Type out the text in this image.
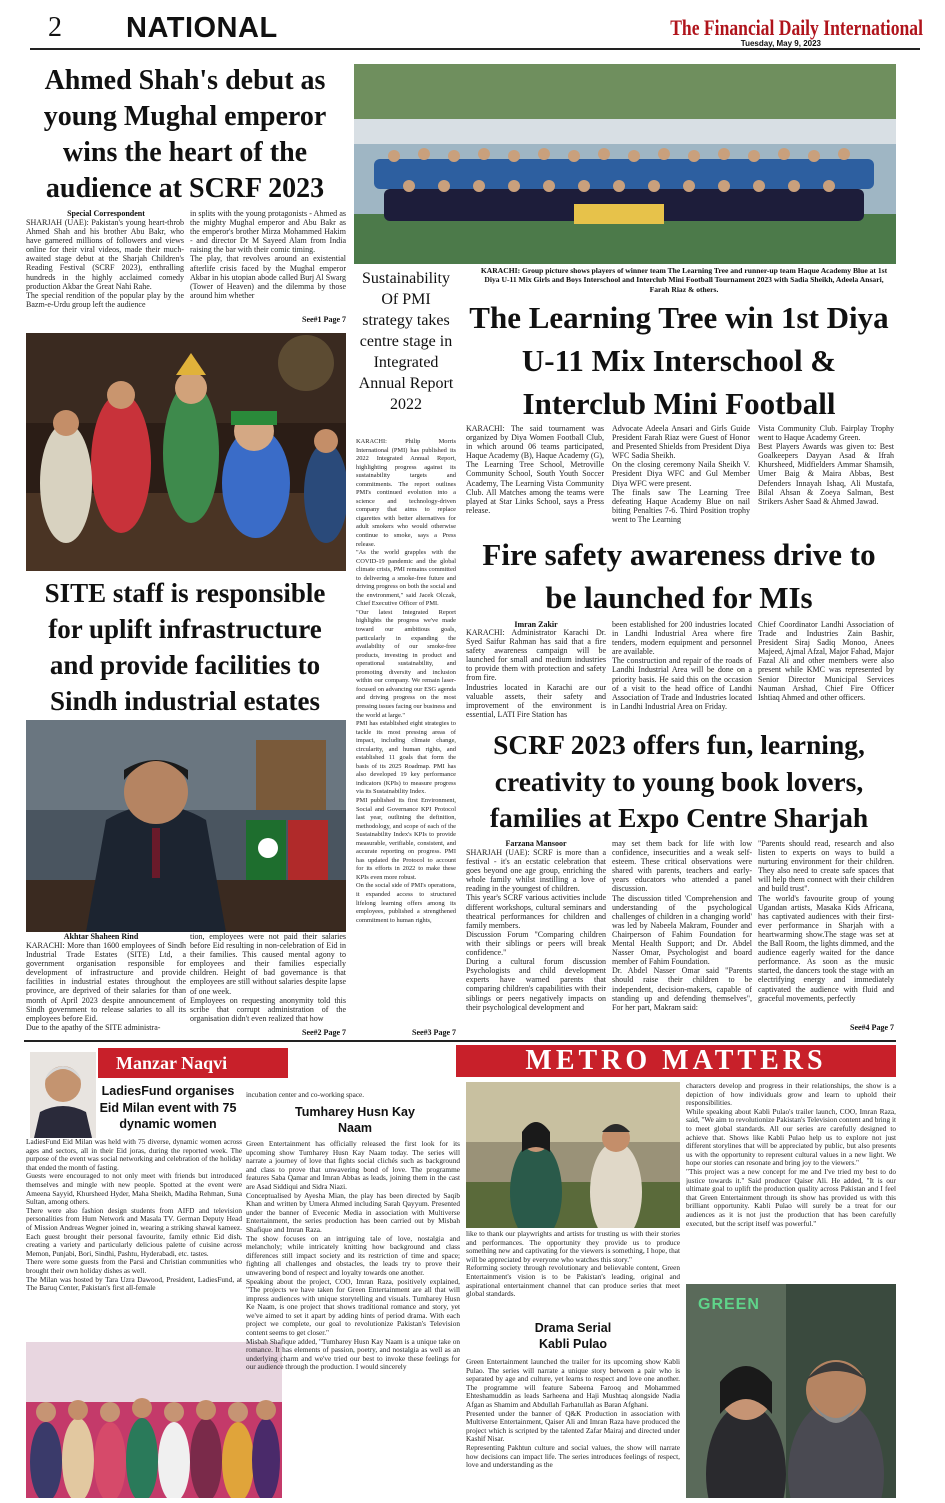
2 NATIONAL	The Financial Daily International
Tuesday, May 9, 2023
Ahmed Shah's debut as young Mughal emperor wins the heart of the audience at SCRF 2023
Special Correspondent
SHARJAH (UAE): Pakistan's young heart-throb Ahmed Shah and his brother Abu Bakr, who have garnered millions of followers and views online for their viral videos, made their much-awaited stage debut at the Sharjah Children's Reading Festival (SCRF 2023), enthralling hundreds in the highly acclaimed comedy production Akbar the Great Nahi Rahe.
The special rendition of the popular play by the Bazm-e-Urdu group left the audience
in splits with the young protagonists - Ahmed as the mighty Mughal emperor and Abu Bakr as the emperor's brother Mirza Mohammed Hakim - and director Dr M Sayeed Alam from India raising the bar with their comic timing.
The play, that revolves around an existential afterlife crisis faced by the Mughal emperor Akbar in his utopian abode called Burj Al Swarg (Tower of Heaven) and the dilemma by those around him whether
See#1 Page 7
KARACHI: Group picture shows players of winner team The Learning Tree and runner-up team Haque Academy Blue at 1st Diya U-11 Mix Girls and Boys Interschool and Interclub Mini Football Tournament 2023 with Sadia Sheikh, Adeela Ansari, Farah Riaz & others.
Sustainability Of PMI strategy takes centre stage in Integrated Annual Report 2022
KARACHI: Philip Morris International (PMI) has published its 2022 Integrated Annual Report, highlighting progress against its sustainability targets and commitments. The report outlines PMI's continued evolution into a science and technology-driven company that aims to replace cigarettes with better alternatives for adult smokers who would otherwise continue to smoke, says a Press release.
"As the world grapples with the COVID-19 pandemic and the global climate crisis, PMI remains committed to delivering a smoke-free future and driving progress on both the social and the environment," said Jacek Olczak, Chief Executive Officer of PMI.
"Our latest Integrated Report highlights the progress we've made toward our ambitious goals, particularly in expanding the availability of our smoke-free products, investing in product and operational sustainability, and promoting diversity and inclusion within our company. We remain laser-focused on advancing our ESG agenda and driving progress on the most pressing issues facing our business and the world at large."
PMI has established eight strategies to tackle its most pressing areas of impact, including climate change, circularity, and human rights, and established 11 goals that form the basis of its 2025 Roadmap. PMI has also developed 19 key performance indicators (KPIs) to measure progress via its Sustainability Index.
PMI published its first Environment, Social and Governance KPI Protocol last year, outlining the definition, methodology, and scope of each of the Sustainability Index's KPIs to provide measurable, verifiable, consistent, and accurate reporting on progress. PMI has updated the Protocol to account for its efforts in 2022 to make these KPIs even more robust.
On the social side of PMI's operations, it expanded access to structured lifelong learning offers among its employees, published a strengthened commitment to human rights,
See#3 Page 7
The Learning Tree win 1st Diya U-11 Mix Interschool & Interclub Mini Football
KARACHI: The said tournament was organized by Diya Women Football Club, in which around 06 teams participated, Haque Academy (B), Haque Academy (G), The Learning Tree School, Metroville Community School, South Youth Soccer Academy, The Learning Vista Community Club. All Matches among the teams were played at Star Links School, says a Press release.
Advocate Adeela Ansari and Girls Guide President Farah Riaz were Guest of Honor and Presented Shields from President Diya WFC Sadia Sheikh.
On the closing ceremony Naila Sheikh V. President Diya WFC and Gul Member Diya WFC were present.
The finals saw The Learning Tree defeating Haque Academy Blue on nail biting Penalties 7-6. Third Position trophy went to The Learning
Vista Community Club. Fairplay Trophy went to Haque Academy Green.
Best Players Awards was given to: Best Goalkeepers Dayyan Asad & Ifrah Khursheed, Midfielders Ammar Shamsih, Umer Baig & Maira Abbas, Best Defenders Innayah Ishaq, Ali Mustafa, Bilal Ahsan & Zoeya Salman, Best Strikers Asher Saad & Ahmed Jawad.
SITE staff is responsible for uplift infrastructure and provide facilities to Sindh industrial estates
Akhtar Shaheen Rind
KARACHI: More than 1600 employees of Sindh Industrial Trade Estates (SITE) Ltd, a government organisation responsible for development of infrastructure and provide facilities in industrial estates throughout the province, are deprived of their salaries for than month of April 2023 despite announcement of Sindh government to release salaries to all its employees before Eid.
Due to the apathy of the SITE administra-
tion, employees were not paid their salaries before Eid resulting in non-celebration of Eid in their families. This caused mental agony to employees and their families especially children. Height of bad governance is that employees are still without salaries despite lapse of one week.
Employees on requesting anonymity told this scribe that corrupt administration of the organisation didn't even realized that how
See#2 Page 7
Fire safety awareness drive to be launched for MIs
Imran Zakir
KARACHI: Administrator Karachi Dr. Syed Saifur Rahman has said that a fire safety awareness campaign will be launched for small and medium industries to provide them with protection and safety from fire.
Industries located in Karachi are our valuable assets, their safety and improvement of the environment is essential, LATI Fire Station has
been established for 200 industries located in Landhi Industrial Area where fire tenders, modern equipment and personnel are available.
The construction and repair of the roads of Landhi Industrial Area will be done on a priority basis. He said this on the occasion of a visit to the head office of Landhi Association of Trade and Industries located in Landhi Industrial Area on Friday.
Chief Coordinator Landhi Association of Trade and Industries Zain Bashir, President Siraj Sadiq Monoo, Anees Majeed, Ajmal Afzal, Major Fahad, Major Fazal Ali and other members were also present while KMC was represented by Senior Director Municipal Services Nauman Arshad, Chief Fire Officer Ishtiaq Ahmed and other officers.
SCRF 2023 offers fun, learning, creativity to young book lovers, families at Expo Centre Sharjah
Farzana Mansoor
SHARJAH (UAE): SCRF is more than a festival - it's an ecstatic celebration that goes beyond one age group, enriching the whole family whilst instilling a love of reading in the youngest of children.
This year's SCRF various activities include different workshops, cultural seminars and theatrical performances for children and family members.
Discussion Forum "Comparing children with their siblings or peers will break confidence."
During a cultural forum discussion Psychologists and child development experts have warned parents that comparing children's capabilities with their siblings or peers negatively impacts on their psychological development and
may set them back for life with low confidence, insecurities and a weak self-esteem. These critical observations were shared with parents, teachers and early-years educators who attended a panel discussion.
The discussion titled 'Comprehension and understanding of the psychological challenges of children in a changing world' was led by Nabeela Makram, Founder and Chairperson of Fahim Foundation for Mental Health Support; and Dr. Abdel Nasser Omar, Psychologist and board member of Fahim Foundation.
Dr. Abdel Nasser Omar said "Parents should raise their children to be independent, decision-makers, capable of standing up and defending themselves", For her part, Makram said:
"Parents should read, research and also listen to experts on ways to build a nurturing environment for their children. They also need to create safe spaces that will help them connect with their children and build trust".
The world's favourite group of young Ugandan artists, Masaka Kids Africana, has captivated audiences with their first-ever performance in Sharjah with a heartwarming show.The stage was set at the Ball Room, the lights dimmed, and the audience eagerly waited for the dance performance. As soon as the music started, the dancers took the stage with an electrifying energy and immediately captivated the audience with fluid and graceful movements, perfectly
See#4 Page 7
Manzar Naqvi	METRO MATTERS
LadiesFund organises Eid Milan event with 75 dynamic women
LadiesFund Eid Milan was held with 75 diverse, dynamic women across ages and sectors, all in their Eid joras, during the reported week. The purpose of the event was social networking and celebration of the holiday that ended the month of fasting.
Guests were encouraged to not only meet with friends but introduced themselves and mingle with new people. Spotted at the event were Ameena Sayyid, Khursheed Hyder, Maha Sheikh, Madiha Rehman, Suna Sultan, among others.
There were also fashion design students from AIFD and television personalities from Hum Network and Masala TV. German Deputy Head of Mission Andreas Wegner joined in, wearing a striking shawal kameez. Each guest brought their personal favourite, family ethnic Eid dish, creating a variety and particularly delicious palette of cuisine across Memon, Punjabi, Bori, Sindhi, Pashtu, Hyderabadi, etc. tastes.
There were some guests from the Parsi and Christian communities who brought their own holiday dishes as well.
The Milan was hosted by Tara Uzra Dawood, President, LadiesFund, at The Baruq Center, Pakistan's first all-female
incubation center and co-working space.
Tumharey Husn Kay Naam
Green Entertainment has officially released the first look for its upcoming show Tumharey Husn Kay Naam today. The series will narrate a journey of love that fights social clichés such as background and class to prove that unwavering bond of love. The programme features Saba Qamar and Imran Abbas as leads, joining them in the cast are Asad Siddiqui and Sidra Niazi.
Conceptualised by Ayesha Mian, the play has been directed by Saqib Khan and written by Umera Ahmed including Sarah Qayyum. Presented under the banner of Evecenic Media in association with Multiverse Entertainment, the series production has been carried out by Misbah Shafique and Imran Raza.
The show focuses on an intriguing tale of love, nostalgia and melancholy; while intricately knitting how background and class differences still impact society and its restriction of time and space; fighting all challenges and obstacles, the leads try to prove their unwavering bond of respect and loyalty towards one another.
Speaking about the project, COO, Imran Raza, positively explained, "The projects we have taken for Green Entertainment are all that will impress audiences with unique storytelling and visuals. Tumharey Husn Ke Naam, is one project that shows traditional romance and story, yet we've aimed to set it apart by adding hints of period drama. With each project we complete, our goal to revolutionize Pakistan's Television content seems to get closer."
Misbah Shafique added, "Tumharey Husn Kay Naam is a unique take on romance. It has elements of passion, poetry, and nostalgia as well as an underlying charm and we've tried our best to invoke these feelings for our audience through the production. I would sincerely
like to thank our playwrights and artists for trusting us with their stories and performances. The opportunity they provide us to produce something new and captivating for the viewers is something, I hope, that will be appreciated by everyone who watches this story."
Reforming society through revolutionary and believable content, Green Entertainment's vision is to be Pakistan's leading, original and aspirational entertainment channel that can produce series that meet global standards.
Drama Serial Kabli Pulao
Green Entertainment launched the trailer for its upcoming show Kabli Pulao. The series will narrate a unique story between a pair who is separated by age and culture, yet learns to respect and love one another. The programme will feature Sabeena Farooq and Mohammed Ehteshamuddin as leads Sarheena and Haji Mushtaq alongside Nadia Afgan as Shamim and Abdullah Farhatullah as Baran Afghani.
Presented under the banner of Q&K Production in association with Multiverse Entertainment, Qaiser Ali and Imran Raza have produced the project which is scripted by the talented Zafar Mairaj and directed under Kashif Nisar.
Representing Pakhtun culture and social values, the show will narrate how decisions can impact life. The series introduces feelings of respect, love and understanding as the
characters develop and progress in their relationships, the show is a depiction of how individuals grow and learn to uphold their responsibilities.
While speaking about Kabli Pulao's trailer launch, COO, Imran Raza, said, "We aim to revolutionize Pakistan's Television content and bring it to meet global standards. All our series are carefully designed to achieve that. Shows like Kabli Pulao help us to explore not just different storylines that will be appreciated by public, but also presents us with the opportunity to represent cultural values in a new light. We hope our stories can resonate and bring joy to the viewers."
"This project was a new concept for me and I've tried my best to do justice towards it." Said producer Qaiser Ali. He added, "It is our ultimate goal to uplift the production quality across Pakistan and I feel that Green Entertainment through its show has provided us with this brilliant opportunity. Kabli Pulao will surely be a treat for our audiences as it is not just the production that has been carefully executed, but the script itself was powerful."
GREEN
